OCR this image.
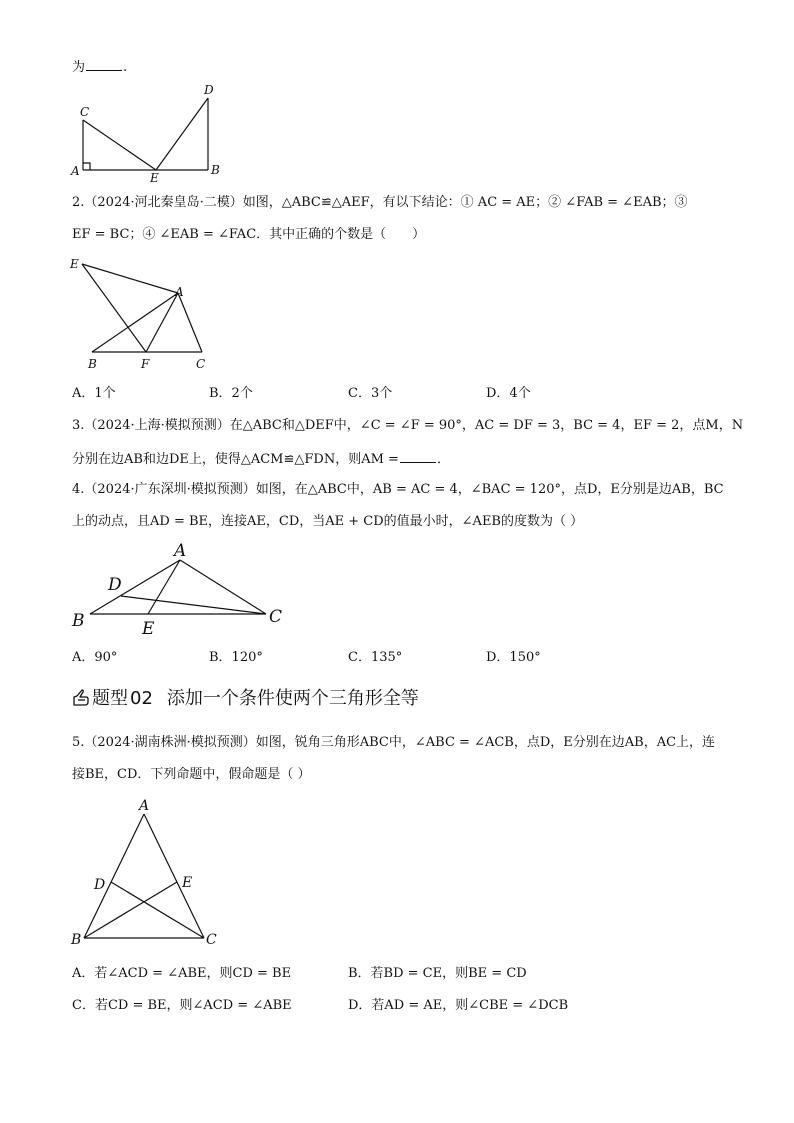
为	.
C
A	E
B
D
2.（2024·河北秦皇岛·二模）如图，△ABC≌△AEF，有以下结论：① AC = AE；② ∠FAB = ∠EAB；③
EF = BC；④ ∠EAB = ∠FAC．其中正确的个数是（　　）
E
A
B	F	C
A．1个	B．2个	C．3个	D．4个
3.（2024·上海·模拟预测）在△ABC和△DEF中，∠C = ∠F = 90°，AC = DF = 3，BC = 4，EF = 2，点M，N
分别在边AB和边DE上，使得△ACM≌△FDN，则AM =	．
4.（2024·广东深圳·模拟预测）如图，在△ABC中，AB = AC = 4，∠BAC = 120°，点D，E分别是边AB，BC
上的动点，且AD = BE，连接AE，CD，当AE + CD的值最小时，∠AEB的度数为（ ）
A
D
B	E
C
A．90°	B．120°	C．135°	D．150°
题型 02 添加一个条件使两个三角形全等
5.（2024·湖南株洲·模拟预测）如图，锐角三角形ABC中，∠ABC = ∠ACB，点D，E分别在边AB，AC上，连
接BE，CD．下列命题中，假命题是（ ）
A
D	E
B	C
A．若∠ACD = ∠ABE，则CD = BE	B．若BD = CE，则BE = CD
C．若CD = BE，则∠ACD = ∠ABE	D．若AD = AE，则∠CBE = ∠DCB
